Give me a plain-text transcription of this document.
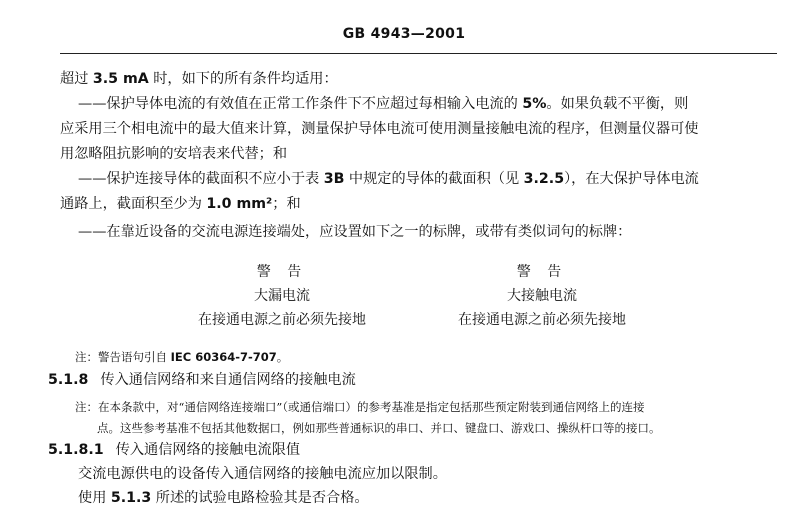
GB 4943—2001
超过 3.5 mA 时，如下的所有条件均适用：
——保护导体电流的有效值在正常工作条件下不应超过每相输入电流的 5%。如果负载不平衡，则
应采用三个相电流中的最大值来计算，测量保护导体电流可使用测量接触电流的程序，但测量仪器可使
用忽略阻抗影响的安培表来代替；和
——保护连接导体的截面积不应小于表 3B 中规定的导体的截面积（见 3.2.5），在大保护导体电流
通路上，截面积至少为 1.0 mm²；和
——在靠近设备的交流电源连接端处，应设置如下之一的标牌，或带有类似词句的标牌：
警 告
大漏电流
在接通电源之前必须先接地
警 告
大接触电流
在接通电源之前必须先接地
注：警告语句引自 IEC 60364-7-707。
5.1.8 传入通信网络和来自通信网络的接触电流
注：在本条款中，对“通信网络连接端口”（或通信端口）的参考基准是指定包括那些预定附装到通信网络上的连接
点。这些参考基准不包括其他数据口，例如那些普通标识的串口、并口、键盘口、游戏口、操纵杆口等的接口。
5.1.8.1 传入通信网络的接触电流限值
交流电源供电的设备传入通信网络的接触电流应加以限制。
使用 5.1.3 所述的试验电路检验其是否合格。
